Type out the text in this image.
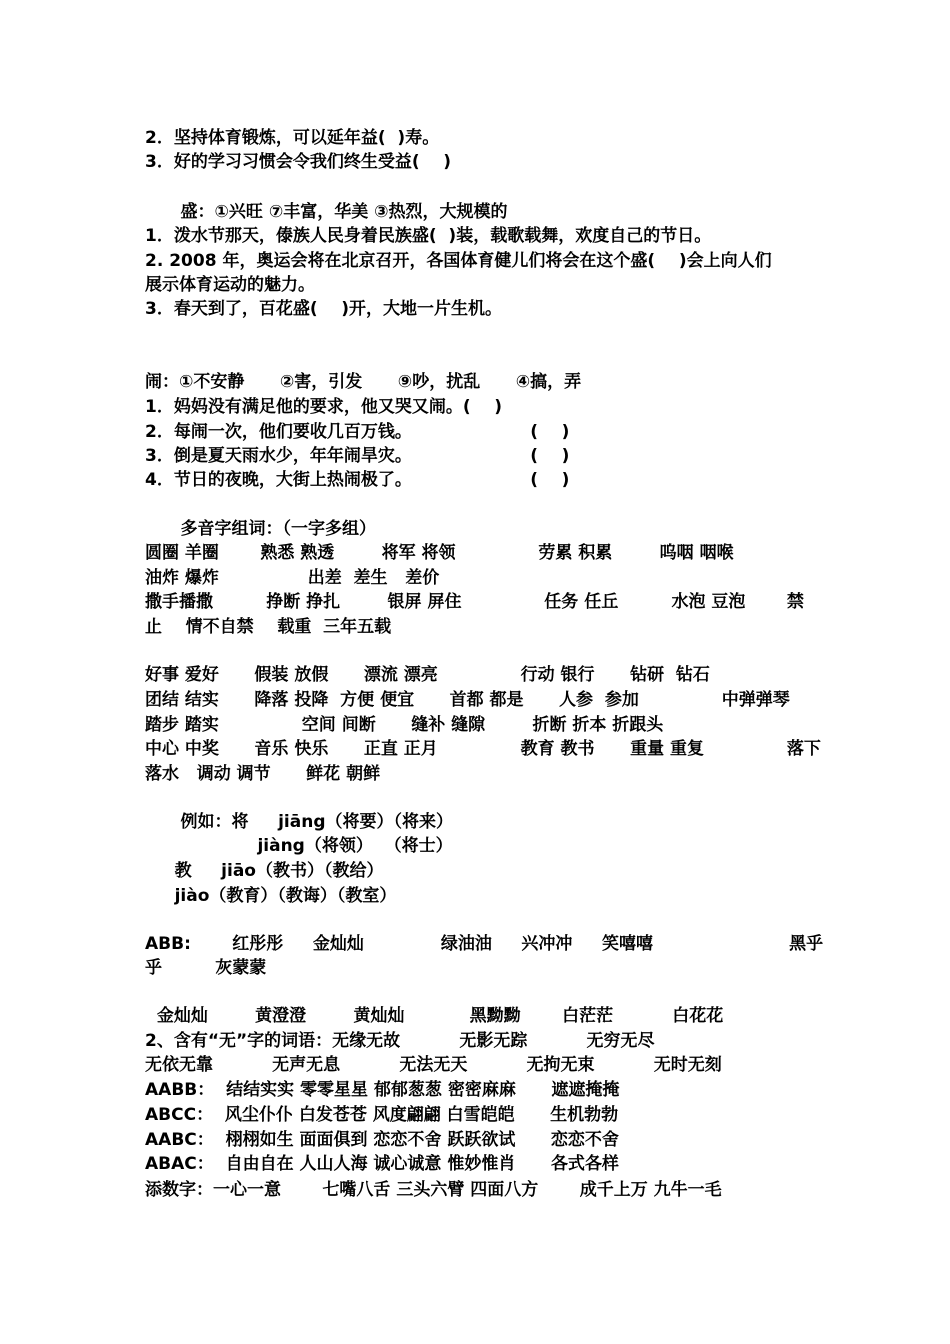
2．坚持体育锻炼，可以延年益(  )寿。
3．好的学习习惯会令我们终生受益(    )
盛：①兴旺 ⑦丰富，华美 ③热烈，大规模的
1．泼水节那天，傣族人民身着民族盛(  )装，载歌载舞，欢度自己的节日。
2. 2008 年，奥运会将在北京召开，各国体育健儿们将会在这个盛(    )会上向人们
展示体育运动的魅力。
3．春天到了，百花盛(    )开，大地一片生机。
闹：①不安静      ②害，引发      ⑨吵，扰乱      ④搞，弄
1．妈妈没有满足他的要求，他又哭又闹。(    )
2．每闹一次，他们要收几百万钱。                    (    )
3．倒是夏天雨水少，年年闹旱灾。                    (    )
4．节日的夜晚，大街上热闹极了。                    (    )
多音字组词：（一字多组）
圆圈 羊圈       熟悉 熟透        将军 将领              劳累 积累        呜咽 咽喉
油炸 爆炸               出差  差生   差价
撒手播撒         挣断 挣扎        银屏 屏住              任务 任丘         水泡 豆泡       禁
止    情不自禁    载重  三年五载
好事 爱好      假装 放假      漂流 漂亮              行动 银行      钻研  钻石
团结 结实      降落 投降  方便 便宜      首都 都是      人参  参加              中弹弹琴
踏步 踏实              空间 间断      缝补 缝隙        折断 折本 折跟头
中心 中奖      音乐 快乐      正直 正月              教育 教书      重量 重复              落下
落水   调动 调节      鲜花 朝鲜
例如：将     jiāng（将要）（将来）
jiàng（将领）  （将士）
教     jiāo（教书）（教给）
jiào（教育）（教诲）（教室）
ABB:       红彤彤     金灿灿             绿油油     兴冲冲     笑嘻嘻                       黑乎
乎         灰蒙蒙
金灿灿        黄澄澄        黄灿灿           黑黝黝       白茫茫          白花花
2、含有“无”字的词语：无缘无故          无影无踪          无穷无尽
无依无靠          无声无息          无法无天          无拘无束          无时无刻
AABB：  结结实实 零零星星 郁郁葱葱 密密麻麻      遮遮掩掩
ABCC：  风尘仆仆 白发苍苍 风度翩翩 白雪皑皑      生机勃勃
AABC：  栩栩如生 面面俱到 恋恋不舍 跃跃欲试      恋恋不舍
ABAC：  自由自在 人山人海 诚心诚意 惟妙惟肖      各式各样
添数字：一心一意       七嘴八舌 三头六臂 四面八方       成千上万 九牛一毛
